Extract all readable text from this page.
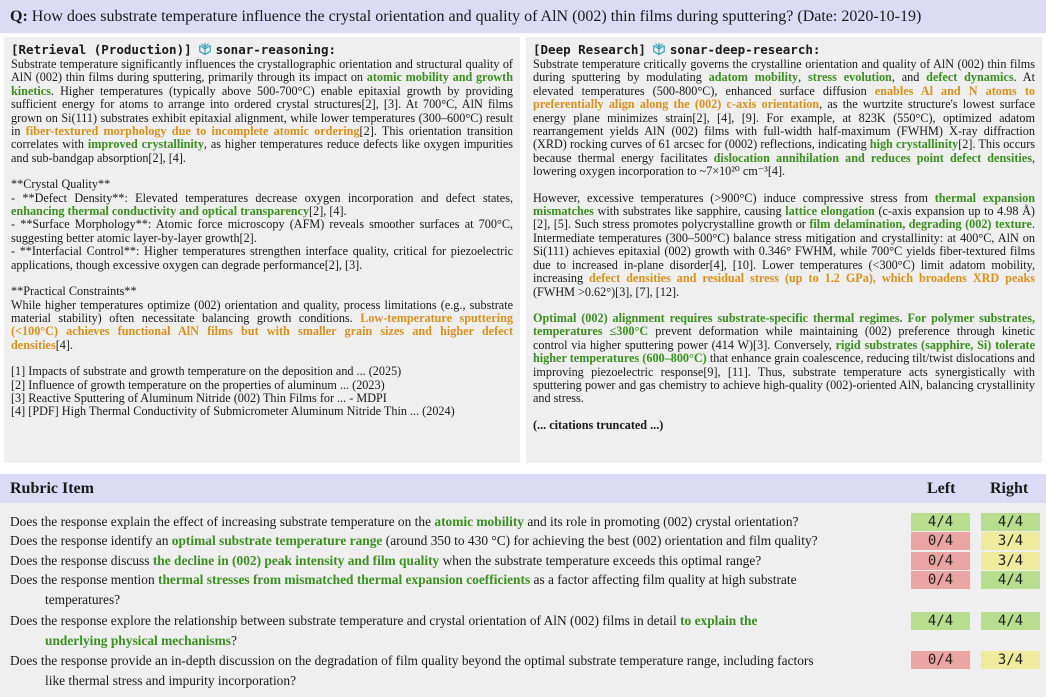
Q: How does substrate temperature influence the crystal orientation and quality of AlN (002) thin films during sputtering? (Date: 2020-10-19)
[Retrieval (Production)] sonar-reasoning:

Substrate temperature significantly influences the crystallographic orientation and structural quality of AlN (002) thin films during sputtering, primarily through its impact on atomic mobility and growth kinetics. Higher temperatures (typically above 500-700°C) enable epitaxial growth by providing sufficient energy for atoms to arrange into ordered crystal structures[2], [3]. At 700°C, AlN films grown on Si(111) substrates exhibit epitaxial alignment, while lower temperatures (300–600°C) result in fiber-textured morphology due to incomplete atomic ordering[2]. This orientation transition correlates with improved crystallinity, as higher temperatures reduce defects like oxygen impurities and sub-bandgap absorption[2], [4].

**Crystal Quality**

- **Defect Density**: Elevated temperatures decrease oxygen incorporation and defect states, enhancing thermal conductivity and optical transparency[2], [4].

- **Surface Morphology**: Atomic force microscopy (AFM) reveals smoother surfaces at 700°C, suggesting better atomic layer-by-layer growth[2].

- **Interfacial Control**: Higher temperatures strengthen interface quality, critical for piezoelectric applications, though excessive oxygen can degrade performance[2], [3].

**Practical Constraints**

While higher temperatures optimize (002) orientation and quality, process limitations (e.g., substrate material stability) often necessitate balancing growth conditions. Low-temperature sputtering (<100°C) achieves functional AlN films but with smaller grain sizes and higher defect densities[4].

[1] Impacts of substrate and growth temperature on the deposition and ... (2025)
[2] Influence of growth temperature on the properties of aluminum ... (2023)
[3] Reactive Sputtering of Aluminum Nitride (002) Thin Films for ... - MDPI
[4] [PDF] High Thermal Conductivity of Submicrometer Aluminum Nitride Thin ... (2024)
[Deep Research] sonar-deep-research:

Substrate temperature critically governs the crystalline orientation and quality of AlN (002) thin films during sputtering by modulating adatom mobility, stress evolution, and defect dynamics. At elevated temperatures (500-800°C), enhanced surface diffusion enables Al and N atoms to preferentially align along the (002) c-axis orientation, as the wurtzite structure's lowest surface energy plane minimizes strain[2], [4], [9]. For example, at 823K (550°C), optimized adatom rearrangement yields AlN (002) films with full-width half-maximum (FWHM) X-ray diffraction (XRD) rocking curves of 61 arcsec for (0002) reflections, indicating high crystallinity[2]. This occurs because thermal energy facilitates dislocation annihilation and reduces point defect densities, lowering oxygen incorporation to ~7×10²⁰ cm⁻³[4].

However, excessive temperatures (>900°C) induce compressive stress from thermal expansion mismatches with substrates like sapphire, causing lattice elongation (c-axis expansion up to 4.98 Å)[2], [5]. Such stress promotes polycrystalline growth or film delamination, degrading (002) texture. Intermediate temperatures (300–500°C) balance stress mitigation and crystallinity: at 400°C, AlN on Si(111) achieves epitaxial (002) growth with 0.346° FWHM, while 700°C yields fiber-textured films due to increased in-plane disorder[4], [10]. Lower temperatures (<300°C) limit adatom mobility, increasing defect densities and residual stress (up to 1.2 GPa), which broadens XRD peaks (FWHM >0.62°)[3], [7], [12].

Optimal (002) alignment requires substrate-specific thermal regimes. For polymer substrates, temperatures ≤300°C prevent deformation while maintaining (002) preference through kinetic control via higher sputtering power (414 W)[3]. Conversely, rigid substrates (sapphire, Si) tolerate higher temperatures (600–800°C) that enhance grain coalescence, reducing tilt/twist dislocations and improving piezoelectric response[9], [11]. Thus, substrate temperature acts synergistically with sputtering power and gas chemistry to achieve high-quality (002)-oriented AlN, balancing crystallinity and stress.

(... citations truncated ...)

Rubric Item	Left Right
Does the response explain the effect of increasing substrate temperature on the atomic mobility and its role in promoting (002) crystal orientation?	4/4	4/4
Does the response identify an optimal substrate temperature range (around 350 to 430 °C) for achieving the best (002) orientation and film quality?	0/4	3/4
Does the response discuss the decline in (002) peak intensity and film quality when the substrate temperature exceeds this optimal range?	0/4	3/4
Does the response mention thermal stresses from mismatched thermal expansion coefficients as a factor affecting film quality at high substrate
temperatures?
0/4	4/4
Does the response explore the relationship between substrate temperature and crystal orientation of AlN (002) films in detail to explain the
underlying physical mechanisms?
4/4	4/4
Does the response provide an in-depth discussion on the degradation of film quality beyond the optimal substrate temperature range, including factors
like thermal stress and impurity incorporation?
0/4	3/4
